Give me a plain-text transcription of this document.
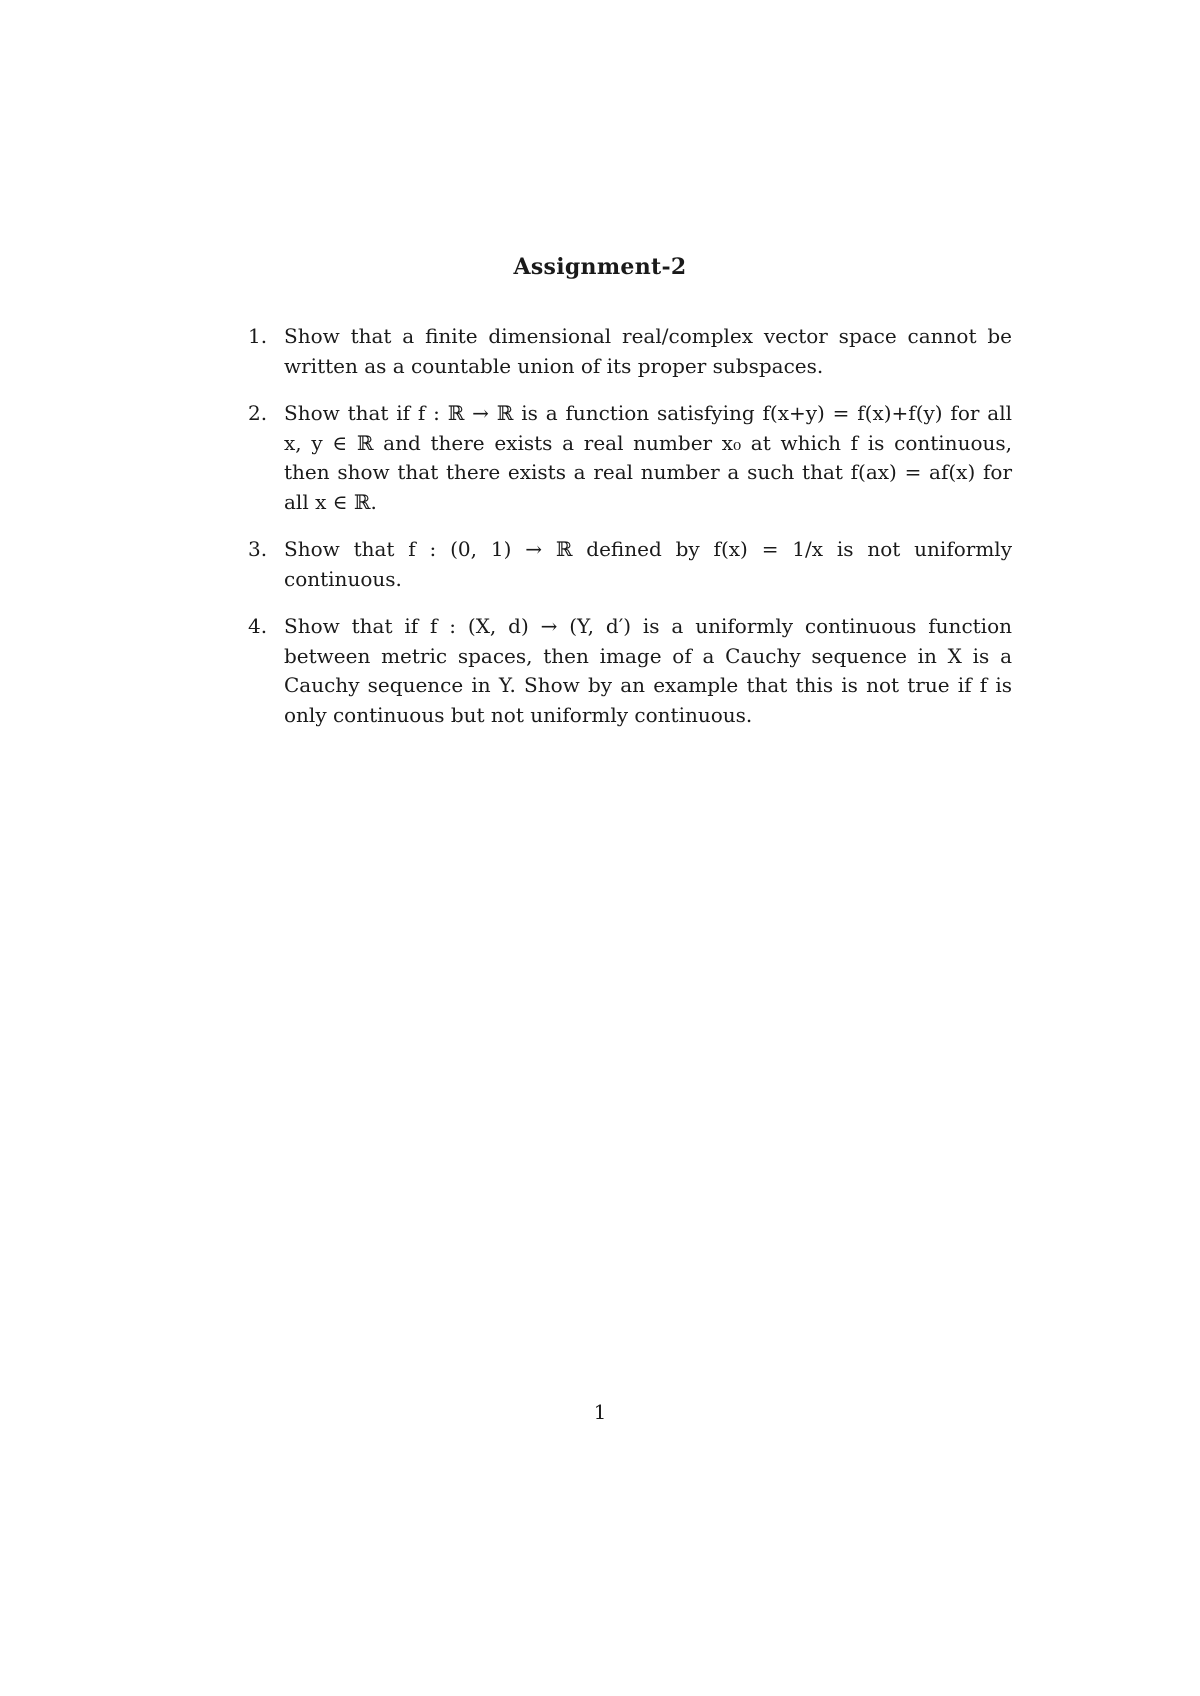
Assignment-2
1. Show that a finite dimensional real/complex vector space cannot be written as a countable union of its proper subspaces.
2. Show that if f : ℝ → ℝ is a function satisfying f(x+y) = f(x)+f(y) for all x, y ∈ ℝ and there exists a real number x₀ at which f is continuous, then show that there exists a real number a such that f(ax) = af(x) for all x ∈ ℝ.
3. Show that f : (0, 1) → ℝ defined by f(x) = 1/x is not uniformly continuous.
4. Show that if f : (X, d) → (Y, d′) is a uniformly continuous function between metric spaces, then image of a Cauchy sequence in X is a Cauchy sequence in Y. Show by an example that this is not true if f is only continuous but not uniformly continuous.
1
